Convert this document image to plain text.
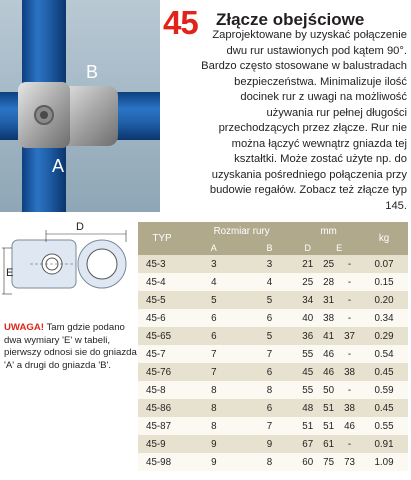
B
A
45 Złącze obejściowe
Zaprojektowane by uzyskać połączenie dwu rur ustawionych pod kątem 90°. Bardzo często stosowane w balustradach bezpieczeństwa. Minimalizuje ilość docinek rur z uwagi na możliwość używania rur pełnej długości przechodzących przez złącze. Rur nie można łączyć wewnątrz gniazda tej kształtki. Może zostać użyte np. do uzyskania pośredniego połączenia przy budowie regałów. Zobacz też złącze typ 145.
D
E
UWAGA! Tam gdzie podano dwa wymiary 'E' w tabeli, pierwszy odnosi sie do gniazda 'A' a drugi do gniazda 'B'.
TYP	Rozmiar rury		mm			kg
	A	B	D	E		
45-3	3	3	21	25	-	0.07
45-4	4	4	25	28	-	0.15
45-5	5	5	34	31	-	0.20
45-6	6	6	40	38	-	0.34
45-65	6	5	36	41	37	0.29
45-7	7	7	55	46	-	0.54
45-76	7	6	45	46	38	0.45
45-8	8	8	55	50	-	0.59
45-86	8	6	48	51	38	0.45
45-87	8	7	51	51	46	0.55
45-9	9	9	67	61	-	0.91
45-98	9	8	60	75	73	1.09
